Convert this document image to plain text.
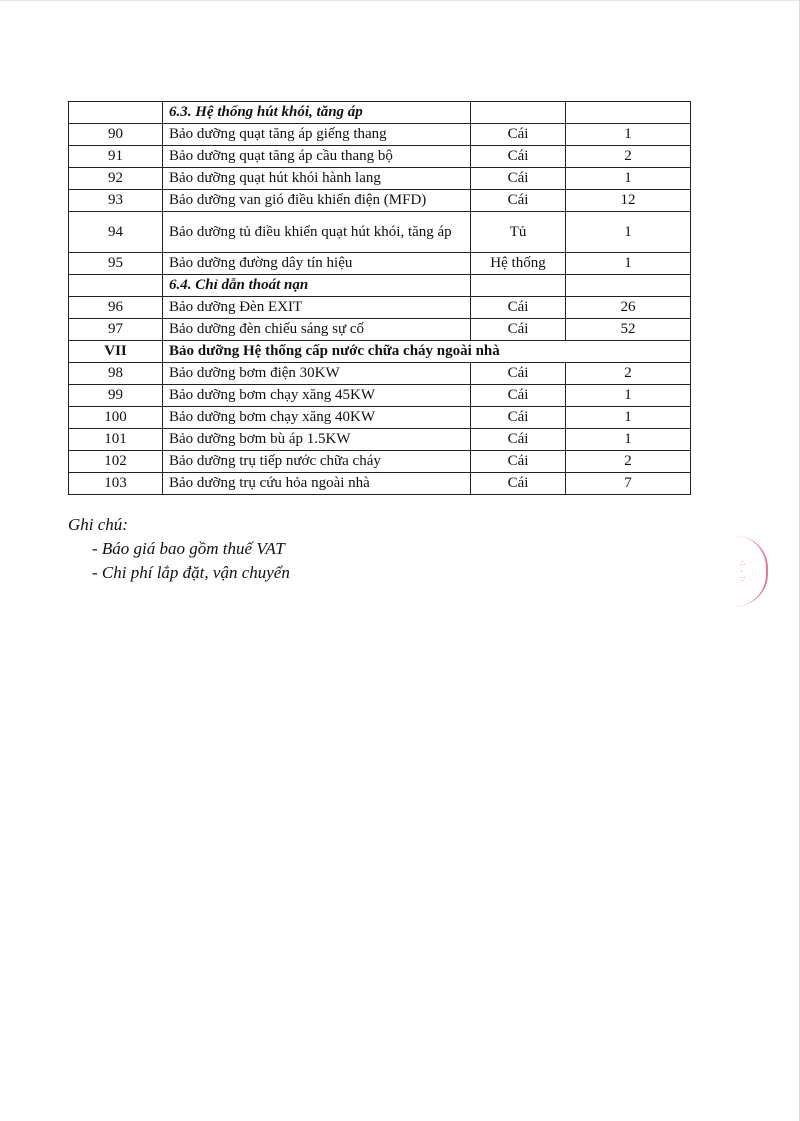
	6.3. Hệ thống hút khói, tăng áp		
90	Bảo dưỡng quạt tăng áp giếng thang	Cái	1
91	Bảo dưỡng quạt tăng áp cầu thang bộ	Cái	2
92	Bảo dưỡng quạt hút khói hành lang	Cái	1
93	Bảo dưỡng van gió điều khiển điện (MFD)	Cái	12
94	Bảo dưỡng tủ điều khiển quạt hút khói, tăng áp	Tủ	1
95	Bảo dưỡng đường dây tín hiệu	Hệ thống	1
	6.4. Chỉ dẫn thoát nạn		
96	Bảo dưỡng Đèn EXIT	Cái	26
97	Bảo dưỡng đèn chiếu sáng sự cố	Cái	52
VII	Bảo dưỡng Hệ thống cấp nước chữa cháy ngoài nhà		
98	Bảo dưỡng bơm điện 30KW	Cái	2
99	Bảo dưỡng bơm chạy xăng 45KW	Cái	1
100	Bảo dưỡng bơm chạy xăng 40KW	Cái	1
101	Bảo dưỡng bơm bù áp 1.5KW	Cái	1
102	Bảo dưỡng trụ tiếp nước chữa cháy	Cái	2
103	Bảo dưỡng trụ cứu hỏa ngoài nhà	Cái	7
Ghi chú:
- Báo giá bao gồm thuế VAT
- Chi phí lắp đặt, vận chuyển	∴
·
∵
